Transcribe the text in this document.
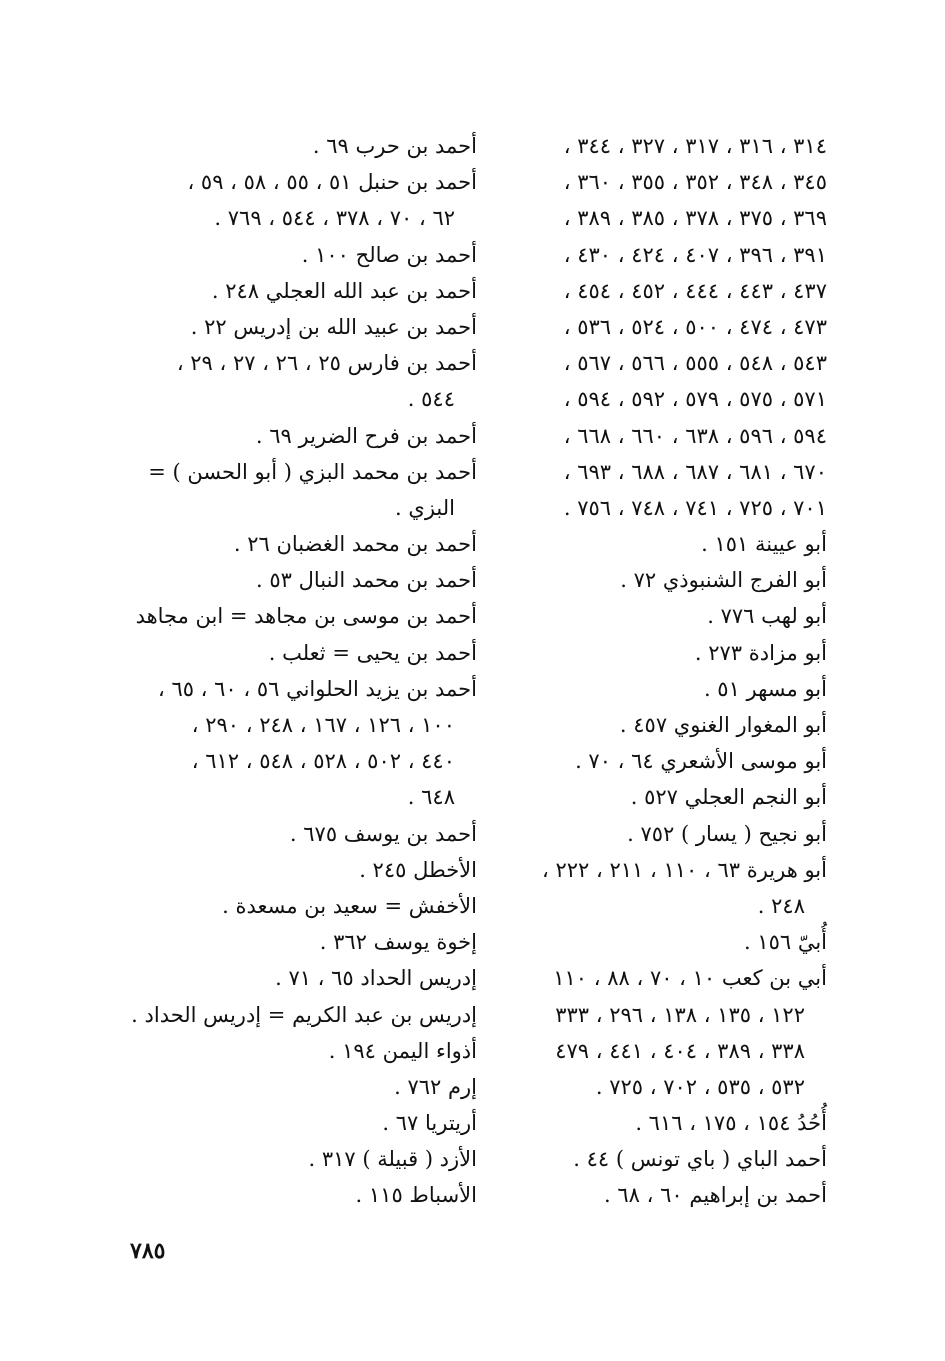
٣١٤ ، ٣١٦ ، ٣١٧ ، ٣٢٧ ، ٣٤٤ ،
٣٤٥ ، ٣٤٨ ، ٣٥٢ ، ٣٥٥ ، ٣٦٠ ،
٣٦٩ ، ٣٧٥ ، ٣٧٨ ، ٣٨٥ ، ٣٨٩ ،
٣٩١ ، ٣٩٦ ، ٤٠٧ ، ٤٢٤ ، ٤٣٠ ،
٤٣٧ ، ٤٤٣ ، ٤٤٤ ، ٤٥٢ ، ٤٥٤ ،
٤٧٣ ، ٤٧٤ ، ٥٠٠ ، ٥٢٤ ، ٥٣٦ ،
٥٤٣ ، ٥٤٨ ، ٥٥٥ ، ٥٦٦ ، ٥٦٧ ،
٥٧١ ، ٥٧٥ ، ٥٧٩ ، ٥٩٢ ، ٥٩٤ ،
٥٩٤ ، ٥٩٦ ، ٦٣٨ ، ٦٦٠ ، ٦٦٨ ،
٦٧٠ ، ٦٨١ ، ٦٨٧ ، ٦٨٨ ، ٦٩٣ ،
٧٠١ ، ٧٢٥ ، ٧٤١ ، ٧٤٨ ، ٧٥٦ .
أبو عيينة ١٥١ .
أبو الفرج الشنبوذي ٧٢ .
أبو لهب ٧٧٦ .
أبو مزادة ٢٧٣ .
أبو مسهر ٥١ .
أبو المغوار الغنوي ٤٥٧ .
أبو موسى الأشعري ٦٤ ، ٧٠ .
أبو النجم العجلي ٥٢٧ .
أبو نجيح ( يسار ) ٧٥٢ .
أبو هريرة ٦٣ ، ١١٠ ، ٢١١ ، ٢٢٢ ،
٢٤٨ .
أُبيّ ١٥٦ .
أبي بن كعب ١٠ ، ٧٠ ، ٨٨ ، ١١٠
١٢٢ ، ١٣٥ ، ١٣٨ ، ٢٩٦ ، ٣٣٣
٣٣٨ ، ٣٨٩ ، ٤٠٤ ، ٤٤١ ، ٤٧٩
٥٣٢ ، ٥٣٥ ، ٧٠٢ ، ٧٢٥ .
أُحُدُ ١٥٤ ، ١٧٥ ، ٦١٦ .
أحمد الباي ( باي تونس ) ٤٤ .
أحمد بن إبراهيم ٦٠ ، ٦٨ .
أحمد بن حرب ٦٩ .
أحمد بن حنبل ٥١ ، ٥٥ ، ٥٨ ، ٥٩ ،
٦٢ ، ٧٠ ، ٣٧٨ ، ٥٤٤ ، ٧٦٩ .
أحمد بن صالح ١٠٠ .
أحمد بن عبد الله العجلي ٢٤٨ .
أحمد بن عبيد الله بن إدريس ٢٢ .
أحمد بن فارس ٢٥ ، ٢٦ ، ٢٧ ، ٢٩ ،
٥٤٤ .
أحمد بن فرح الضرير ٦٩ .
أحمد بن محمد البزي ( أبو الحسن ) =
البزي .
أحمد بن محمد الغضبان ٢٦ .
أحمد بن محمد النبال ٥٣ .
أحمد بن موسى بن مجاهد = ابن مجاهد
أحمد بن يحيى = ثعلب .
أحمد بن يزيد الحلواني ٥٦ ، ٦٠ ، ٦٥ ،
١٠٠ ، ١٢٦ ، ١٦٧ ، ٢٤٨ ، ٢٩٠ ،
٤٤٠ ، ٥٠٢ ، ٥٢٨ ، ٥٤٨ ، ٦١٢ ،
٦٤٨ .
أحمد بن يوسف ٦٧٥ .
الأخطل ٢٤٥ .
الأخفش = سعيد بن مسعدة .
إخوة يوسف ٣٦٢ .
إدريس الحداد ٦٥ ، ٧١ .
إدريس بن عبد الكريم = إدريس الحداد .
أذواء اليمن ١٩٤ .
إرم ٧٦٢ .
أريتريا ٦٧ .
الأزد ( قبيلة ) ٣١٧ .
الأسباط ١١٥ .
٧٨٥
